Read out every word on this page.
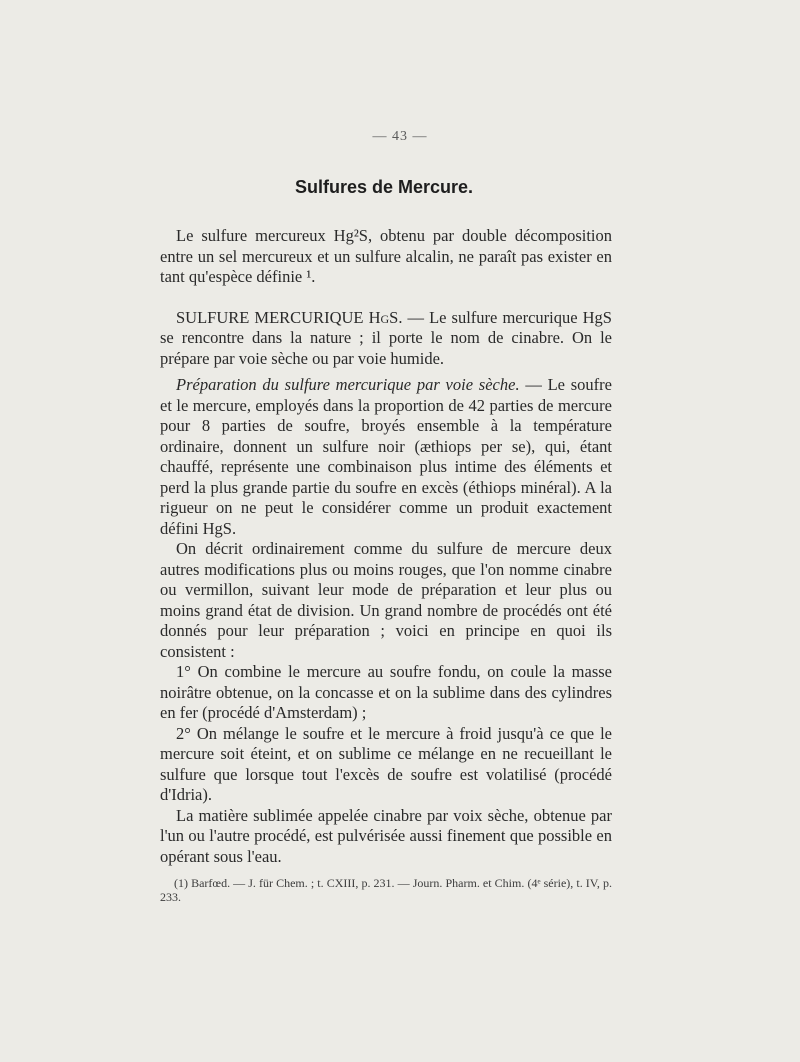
— 43 —
Sulfures de Mercure.

Le sulfure mercureux Hg²S, obtenu par double décomposition entre un sel mercureux et un sulfure alcalin, ne paraît pas exister en tant qu'espèce définie ¹.

SULFURE MERCURIQUE HgS. — Le sulfure mercurique HgS se rencontre dans la nature ; il porte le nom de cinabre. On le prépare par voie sèche ou par voie humide.

Préparation du sulfure mercurique par voie sèche. — Le soufre et le mercure, employés dans la proportion de 42 parties de mercure pour 8 parties de soufre, broyés ensemble à la température ordinaire, donnent un sulfure noir (æthiops per se), qui, étant chauffé, représente une combinaison plus intime des éléments et perd la plus grande partie du soufre en excès (éthiops minéral). A la rigueur on ne peut le considérer comme un produit exactement défini HgS.

On décrit ordinairement comme du sulfure de mercure deux autres modifications plus ou moins rouges, que l'on nomme cinabre ou vermillon, suivant leur mode de préparation et leur plus ou moins grand état de division. Un grand nombre de procédés ont été donnés pour leur préparation ; voici en principe en quoi ils consistent :

1° On combine le mercure au soufre fondu, on coule la masse noirâtre obtenue, on la concasse et on la sublime dans des cylindres en fer (procédé d'Amsterdam) ;

2° On mélange le soufre et le mercure à froid jusqu'à ce que le mercure soit éteint, et on sublime ce mélange en ne recueillant le sulfure que lorsque tout l'excès de soufre est volatilisé (procédé d'Idria).

La matière sublimée appelée cinabre par voix sèche, obtenue par l'un ou l'autre procédé, est pulvérisée aussi finement que possible en opérant sous l'eau.

(1) Barfœd. — J. für Chem. ; t. CXIII, p. 231. — Journ. Pharm. et Chim. (4ᵉ série), t. IV, p. 233.
